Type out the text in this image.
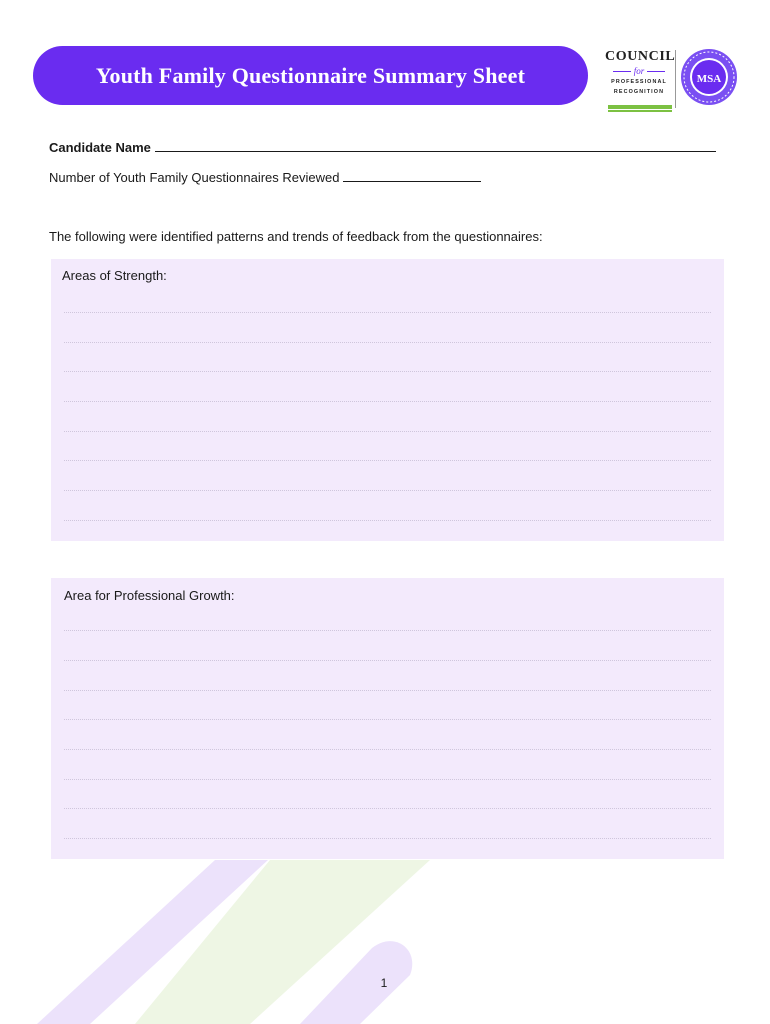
Youth Family Questionnaire Summary Sheet
COUNCIL
for
PROFESSIONAL
RECOGNITION
MSA
Candidate Name
Number of Youth Family Questionnaires Reviewed
The following were identified patterns and trends of feedback from the questionnaires:
Areas of Strength:
Area for Professional Growth:
1
